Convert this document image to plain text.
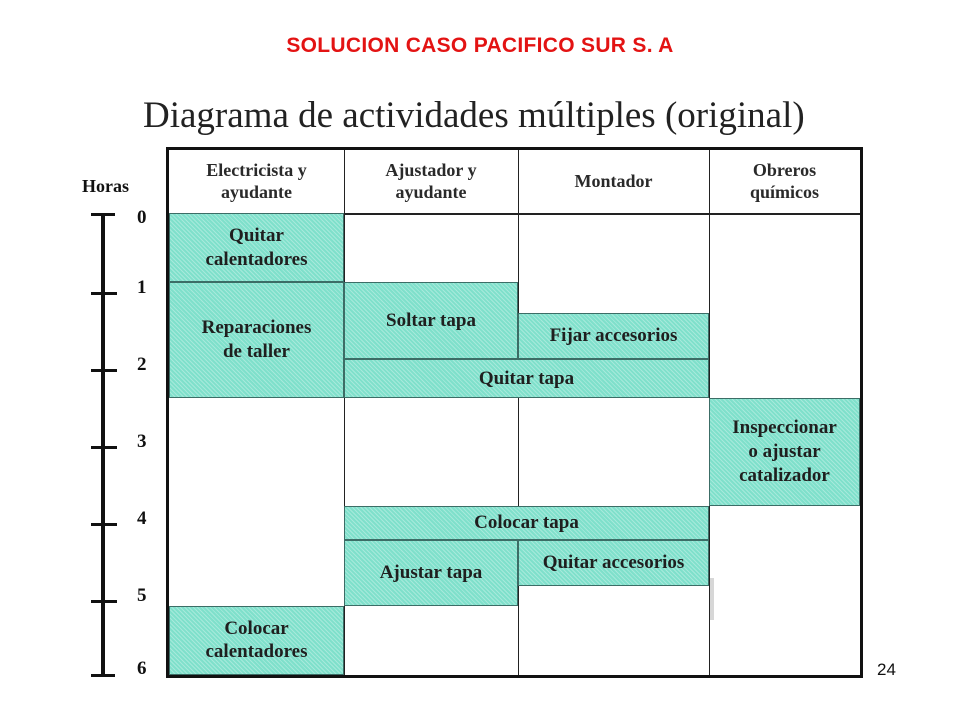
SOLUCION CASO PACIFICO SUR S. A
Diagrama de actividades múltiples (original)
Horas
0
1
2
3
4
5
6
Electricista y
ayudante
Ajustador y
ayudante
Montador
Obreros
químicos
Quitar
calentadores
Reparaciones
de taller
Soltar tapa
Fijar accesorios
Quitar tapa
Inspeccionar
o ajustar
catalizador
Colocar tapa
Ajustar tapa	Quitar accesorios
Colocar
calentadores
24
